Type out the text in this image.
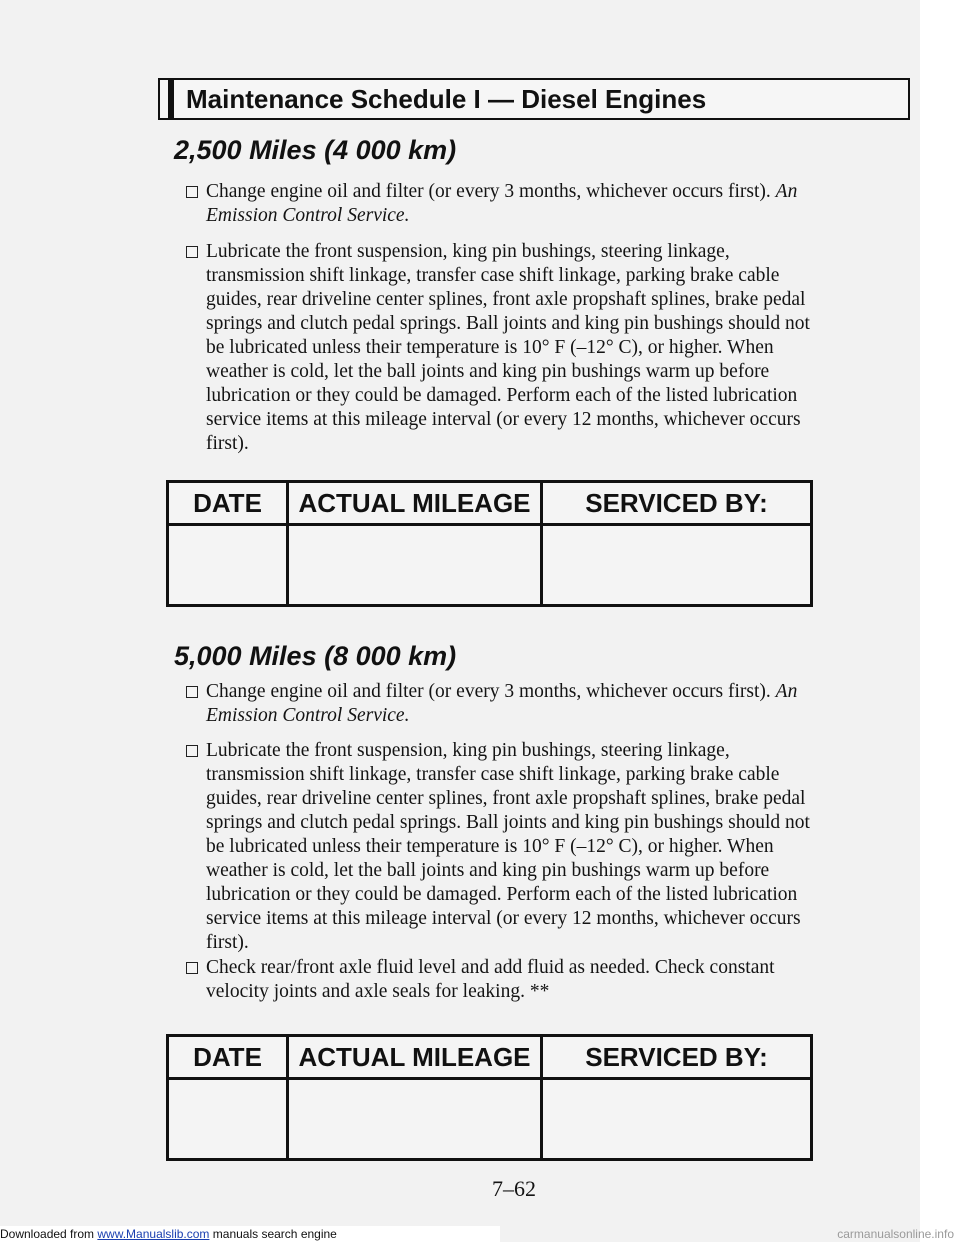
Maintenance Schedule I — Diesel Engines
2,500 Miles (4 000 km)
Change engine oil and filter (or every 3 months, whichever occurs first). An Emission Control Service.
Lubricate the front suspension, king pin bushings, steering linkage, transmission shift linkage, transfer case shift linkage, parking brake cable guides, rear driveline center splines, front axle propshaft splines, brake pedal springs and clutch pedal springs. Ball joints and king pin bushings should not be lubricated unless their temperature is 10° F (–12° C), or higher. When weather is cold, let the ball joints and king pin bushings warm up before lubrication or they could be damaged. Perform each of the listed lubrication service items at this mileage interval (or every 12 months, whichever occurs first).
DATE	ACTUAL MILEAGE	SERVICED BY:

5,000 Miles (8 000 km)
Change engine oil and filter (or every 3 months, whichever occurs first). An Emission Control Service.
Lubricate the front suspension, king pin bushings, steering linkage, transmission shift linkage, transfer case shift linkage, parking brake cable guides, rear driveline center splines, front axle propshaft splines, brake pedal springs and clutch pedal springs. Ball joints and king pin bushings should not be lubricated unless their temperature is 10° F (–12° C), or higher. When weather is cold, let the ball joints and king pin bushings warm up before lubrication or they could be damaged. Perform each of the listed lubrication service items at this mileage interval (or every 12 months, whichever occurs first).
Check rear/front axle fluid level and add fluid as needed. Check constant velocity joints and axle seals for leaking. **
DATE	ACTUAL MILEAGE	SERVICED BY:

7–62
Downloaded from www.Manualslib.com manuals search engine	carmanualsonline.info
